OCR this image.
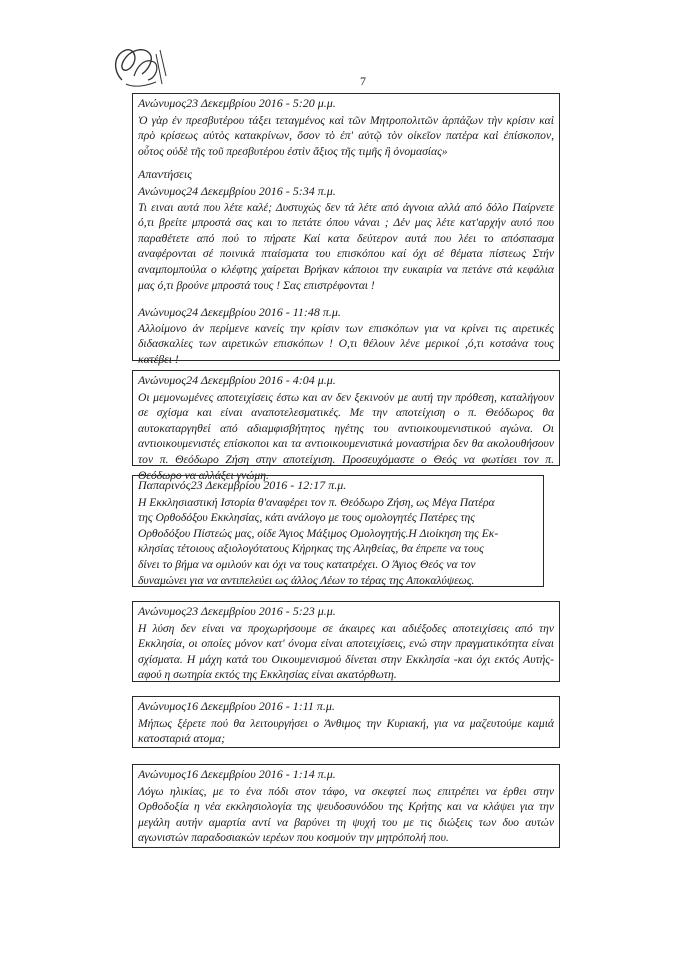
7
Ανώνυμος23 Δεκεμβρίου 2016 - 5:20 μ.μ.
Ὁ γὰρ ἐν πρεσβυτέρου τάξει τεταγμένος καὶ τῶν Μητροπολιτῶν ἁρπάζων τὴν κρίσιν καὶ πρὸ κρίσεως αὐτὸς κατακρίνων, ὅσον τὸ ἐπ' αὐτῷ τὸν οἰκεῖον πατέρα καὶ ἐπίσκοπον, οὗτος οὐδὲ τῆς τοῦ πρεσβυτέρου ἐστὶν ἄξιος τῆς τιμῆς ἢ ὀνομασίας»
Απαντήσεις
Ανώνυμος24 Δεκεμβρίου 2016 - 5:34 π.μ.
Τι ειναι αυτά που λέτε καλέ; Δυστυχώς δεν τά λέτε από άγνοια αλλά από δόλο Παίρνετε ό,τι βρείτε μπροστά σας και το πετάτε όπου νάναι ; Δέν μας λέτε κατ'αρχήν αυτό που παραθέτετε από πού το πήρατε Καί κατα δεύτερον αυτά που λέει το απόσπασμα αναφέρονται σέ ποινικά πταίσματα του επισκόπου καί όχι σέ θέματα πίστεως Στήν αναμπομπούλα ο κλέφτης χαίρεται Βρήκαν κάποιοι την ευκαιρία να πετάνε στά κεφάλια μας ό,τι βρούνε μπροστά τους ! Σας επιστρέφονται !
Ανώνυμος24 Δεκεμβρίου 2016 - 11:48 π.μ.
Αλλοίμονο άν περίμενε κανείς την κρίσιν των επισκόπων για να κρίνει τις αιρετικές διδασκαλίες των αιρετικών επισκόπων ! Ο,τι θέλουν λένε μερικοί ,ό,τι κοτσάνα τους κατέβει !
Ανώνυμος24 Δεκεμβρίου 2016 - 4:04 μ.μ.
Οι μεμονωμένες αποτειχίσεις έστω και αν δεν ξεκινούν με αυτή την πρόθεση, καταλήγουν σε σχίσμα και είναι αναποτελεσματικές. Με την αποτείχιση ο π. Θεόδωρος θα αυτοκαταργηθεί από αδιαμφισβήτητος ηγέτης του αντιοικουμενιστικού αγώνα. Οι αντιοικουμενιστές επίσκοποι και τα αντιοικουμενιστικά μοναστήρια δεν θα ακολουθήσουν τον π. Θεόδωρο Ζήση στην αποτείχιση. Προσευχόμαστε ο Θεός να φωτίσει τον π. Θεόδωρο να αλλάξει γνώμη.
Παπαρινός23 Δεκεμβρίου 2016 - 12:17 π.μ.
Η Εκκλησιαστική Ιστορία θ'αναφέρει τον π. Θεόδωρο Ζήση, ως Μέγα Πατέρα
της Ορθοδόξου Εκκλησίας, κάτι ανάλογο με τους ομολογητές Πατέρες της
Ορθοδόξου Πίστεώς μας, οίδε Άγιος Μάξιμος Ομολογητής.Η Διοίκηση της Εκ-
κλησίας τέτοιους αξιολογότατους Κήρηκας της Αληθείας, θα έπρεπε να τους
δίνει το βήμα να ομιλούν και όχι να τους κατατρέχει. Ο Άγιος Θεός να τον
δυναμώνει για να αντιπελεύει ως άλλος Λέων το τέρας της Αποκαλύψεως.
Ανώνυμος23 Δεκεμβρίου 2016 - 5:23 μ.μ.
Η λύση δεν είναι να προχωρήσουμε σε άκαιρες και αδιέξοδες αποτειχίσεις από την Εκκλησία, οι οποίες μόνον κατ' όνομα είναι αποτειχίσεις, ενώ στην πραγματικότητα είναι σχίσματα. Η μάχη κατά του Οικουμενισμού δίνεται στην Εκκλησία -και όχι εκτός Αυτής- αφού η σωτηρία εκτός της Εκκλησίας είναι ακατόρθωτη.
Ανώνυμος16 Δεκεμβρίου 2016 - 1:11 π.μ.
Μήπως ξέρετε πού θα λειτουργήσει ο Άνθιμος την Κυριακή, για να μαζευτούμε καμιά κατοσταριά ατομα;
Ανώνυμος16 Δεκεμβρίου 2016 - 1:14 π.μ.
Λόγω ηλικίας, με το ένα πόδι στον τάφο, να σκεφτεί πως επιτρέπει να έρθει στην Ορθοδοξία η νέα εκκλησιολογία της ψευδοσυνόδου της Κρήτης και να κλάψει για την μεγάλη αυτήν αμαρτία αντί να βαρύνει τη ψυχή του με τις διώξεις των δυο αυτών αγωνιστών παραδοσιακών ιερέων που κοσμούν την μητρόπολή που.
